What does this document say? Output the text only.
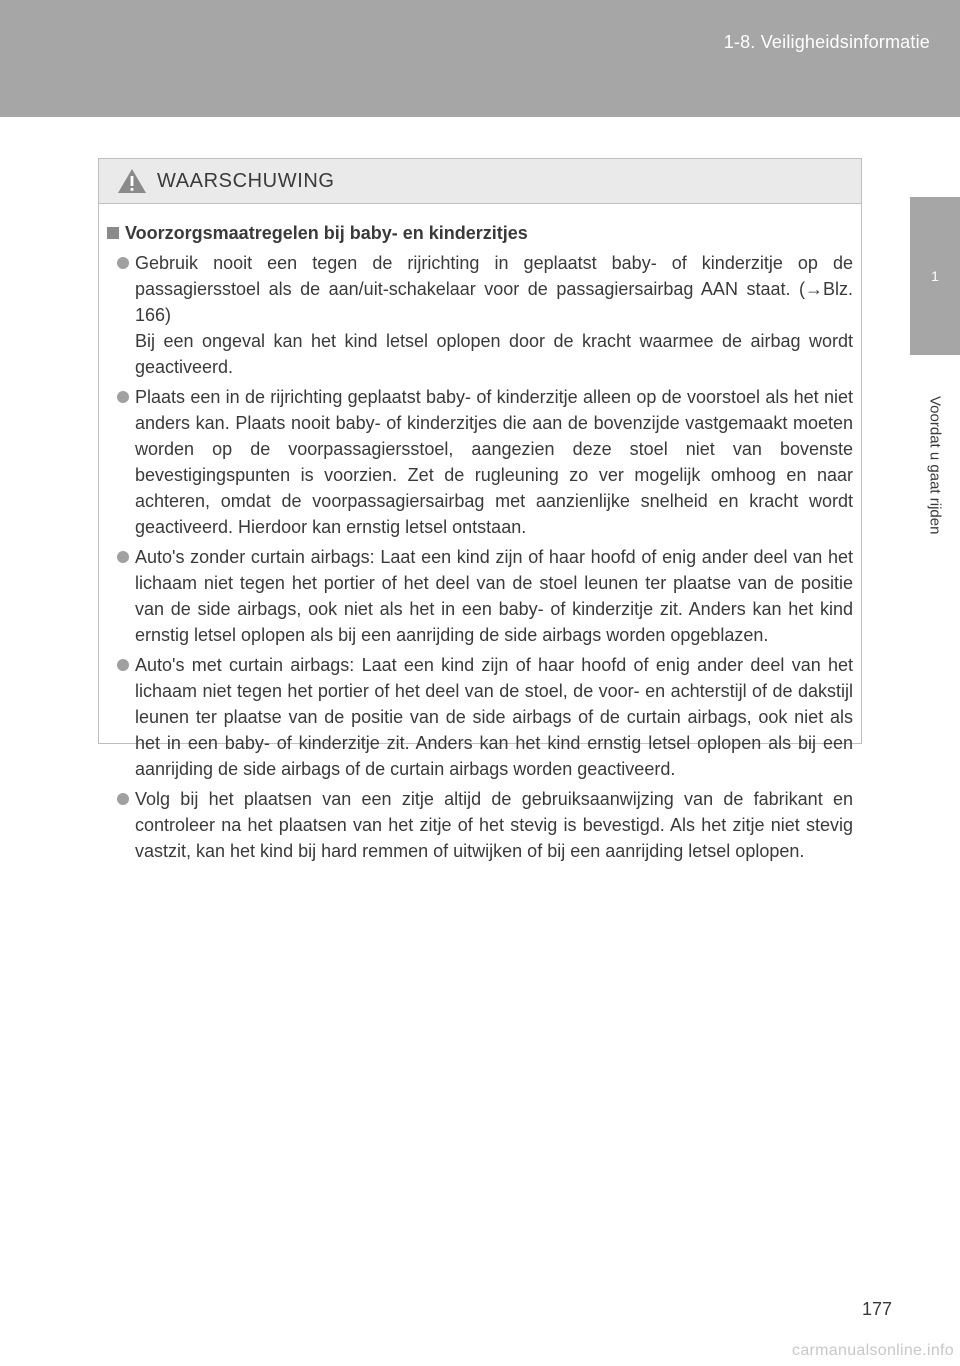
1-8. Veiligheidsinformatie
1
Voordat u gaat rijden
WAARSCHUWING
Voorzorgsmaatregelen bij baby- en kinderzitjes
Gebruik nooit een tegen de rijrichting in geplaatst baby- of kinderzitje op de passagiersstoel als de aan/uit-schakelaar voor de passagiersairbag AAN staat. (→Blz. 166)
Bij een ongeval kan het kind letsel oplopen door de kracht waarmee de airbag wordt geactiveerd.
Plaats een in de rijrichting geplaatst baby- of kinderzitje alleen op de voorstoel als het niet anders kan. Plaats nooit baby- of kinderzitjes die aan de bovenzijde vastgemaakt moeten worden op de voorpassagiersstoel, aangezien deze stoel niet van bovenste bevestigingspunten is voorzien. Zet de rugleuning zo ver mogelijk omhoog en naar achteren, omdat de voorpassagiersairbag met aanzienlijke snelheid en kracht wordt geactiveerd. Hierdoor kan ernstig letsel ontstaan.
Auto's zonder curtain airbags: Laat een kind zijn of haar hoofd of enig ander deel van het lichaam niet tegen het portier of het deel van de stoel leunen ter plaatse van de positie van de side airbags, ook niet als het in een baby- of kinderzitje zit. Anders kan het kind ernstig letsel oplopen als bij een aanrijding de side airbags worden opgeblazen.
Auto's met curtain airbags: Laat een kind zijn of haar hoofd of enig ander deel van het lichaam niet tegen het portier of het deel van de stoel, de voor- en achterstijl of de dakstijl leunen ter plaatse van de positie van de side airbags of de curtain airbags, ook niet als het in een baby- of kinderzitje zit. Anders kan het kind ernstig letsel oplopen als bij een aanrijding de side airbags of de curtain airbags worden geactiveerd.
Volg bij het plaatsen van een zitje altijd de gebruiksaanwijzing van de fabrikant en controleer na het plaatsen van het zitje of het stevig is bevestigd. Als het zitje niet stevig vastzit, kan het kind bij hard remmen of uitwijken of bij een aanrijding letsel oplopen.
177
carmanualsonline.info
